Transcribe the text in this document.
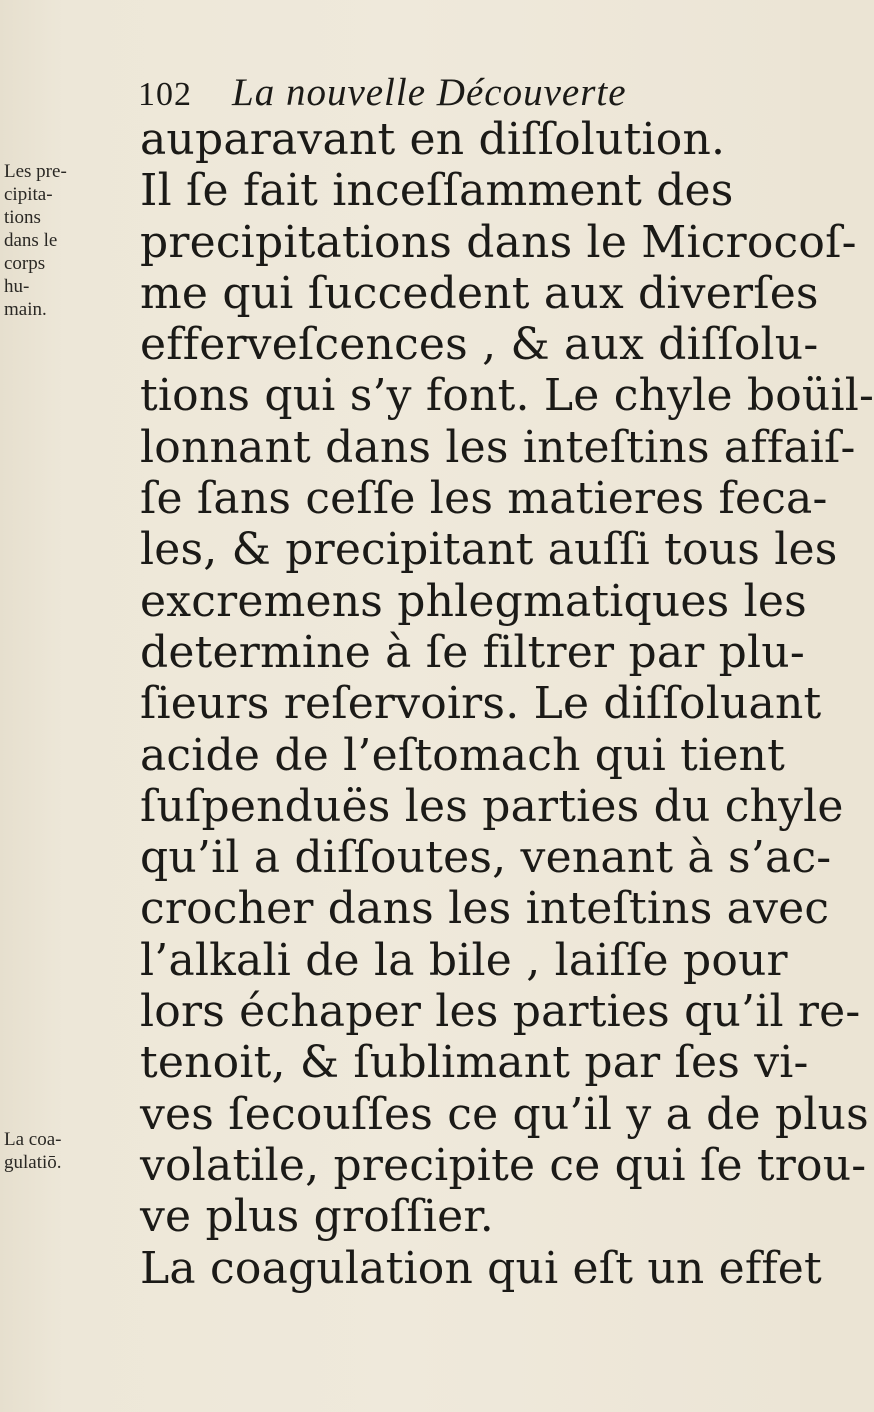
102 La nouvelle Découverte
Les pre-
cipita-
tions
dans le
corps
hu-
main.
La coa-
gulatiō.
auparavant en diſſolution.
Il ſe fait inceſſamment des
precipitations dans le Microcoſ-
me qui ſuccedent aux diverſes
efferveſcences , & aux diſſolu-
tions qui s’y font. Le chyle boüil-
lonnant dans les inteſtins affaiſ-
ſe ſans ceſſe les matieres feca-
les, & precipitant auſſi tous les
excremens phlegmatiques les
determine à ſe filtrer par plu-
ſieurs reſervoirs. Le diſſoluant
acide de l’eſtomach qui tient
ſuſpenduës les parties du chyle
qu’il a diſſoutes, venant à s’ac-
crocher dans les inteſtins avec
l’alkali de la bile , laiſſe pour
lors échaper les parties qu’il re-
tenoit, & ſublimant par ſes vi-
ves ſecouſſes ce qu’il y a de plus
volatile, precipite ce qui ſe trou-
ve plus groſſier.
La coagulation qui eſt un effet
